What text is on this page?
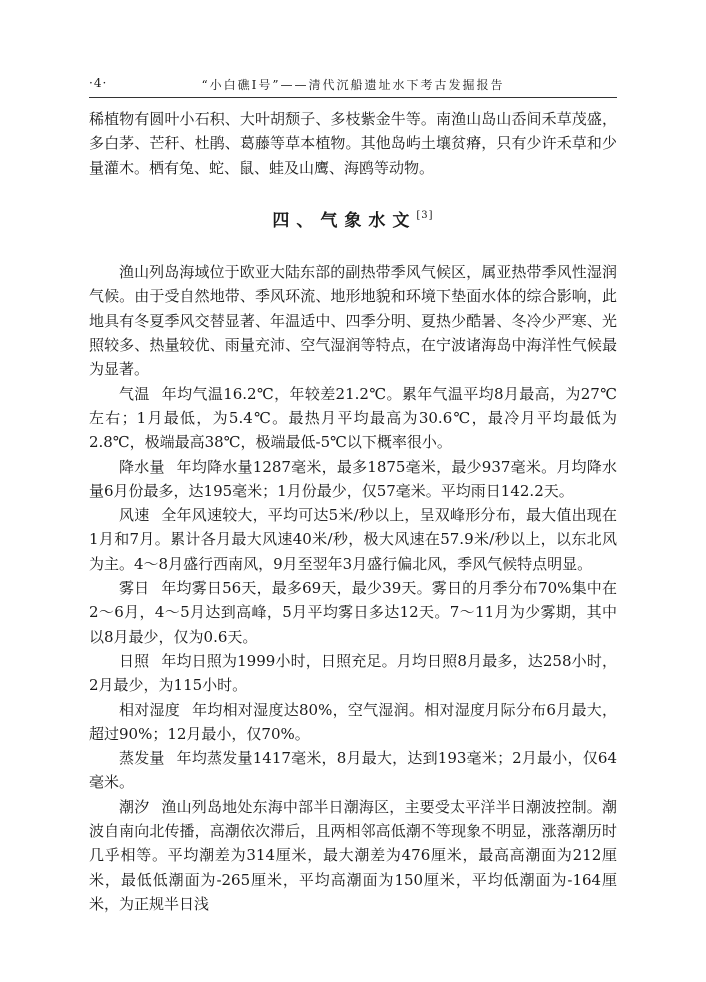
·4·	“小白礁Ⅰ号”——清代沉船遗址水下考古发掘报告

稀植物有圆叶小石积、大叶胡颓子、多枝紫金牛等。南渔山岛山岙间禾草茂盛，多白茅、芒秆、杜鹃、葛藤等草本植物。其他岛屿土壤贫瘠，只有少许禾草和少量灌木。栖有兔、蛇、鼠、蛙及山鹰、海鸥等动物。

四、气象水文[3]

渔山列岛海域位于欧亚大陆东部的副热带季风气候区，属亚热带季风性湿润气候。由于受自然地带、季风环流、地形地貌和环境下垫面水体的综合影响，此地具有冬夏季风交替显著、年温适中、四季分明、夏热少酷暑、冬冷少严寒、光照较多、热量较优、雨量充沛、空气湿润等特点，在宁波诸海岛中海洋性气候最为显著。

气温 年均气温16.2℃，年较差21.2℃。累年气温平均8月最高，为27℃左右；1月最低，为5.4℃。最热月平均最高为30.6℃，最冷月平均最低为2.8℃，极端最高38℃，极端最低-5℃以下概率很小。

降水量 年均降水量1287毫米，最多1875毫米，最少937毫米。月均降水量6月份最多，达195毫米；1月份最少，仅57毫米。平均雨日142.2天。

风速 全年风速较大，平均可达5米/秒以上，呈双峰形分布，最大值出现在1月和7月。累计各月最大风速40米/秒，极大风速在57.9米/秒以上，以东北风为主。4～8月盛行西南风，9月至翌年3月盛行偏北风，季风气候特点明显。

雾日 年均雾日56天，最多69天，最少39天。雾日的月季分布70%集中在2～6月，4～5月达到高峰，5月平均雾日多达12天。7～11月为少雾期，其中以8月最少，仅为0.6天。

日照 年均日照为1999小时，日照充足。月均日照8月最多，达258小时，2月最少，为115小时。

相对湿度 年均相对湿度达80%，空气湿润。相对湿度月际分布6月最大，超过90%；12月最小，仅70%。

蒸发量 年均蒸发量1417毫米，8月最大，达到193毫米；2月最小，仅64毫米。

潮汐 渔山列岛地处东海中部半日潮海区，主要受太平洋半日潮波控制。潮波自南向北传播，高潮依次滞后，且两相邻高低潮不等现象不明显，涨落潮历时几乎相等。平均潮差为314厘米，最大潮差为476厘米，最高高潮面为212厘米，最低低潮面为-265厘米，平均高潮面为150厘米，平均低潮面为-164厘米，为正规半日浅
